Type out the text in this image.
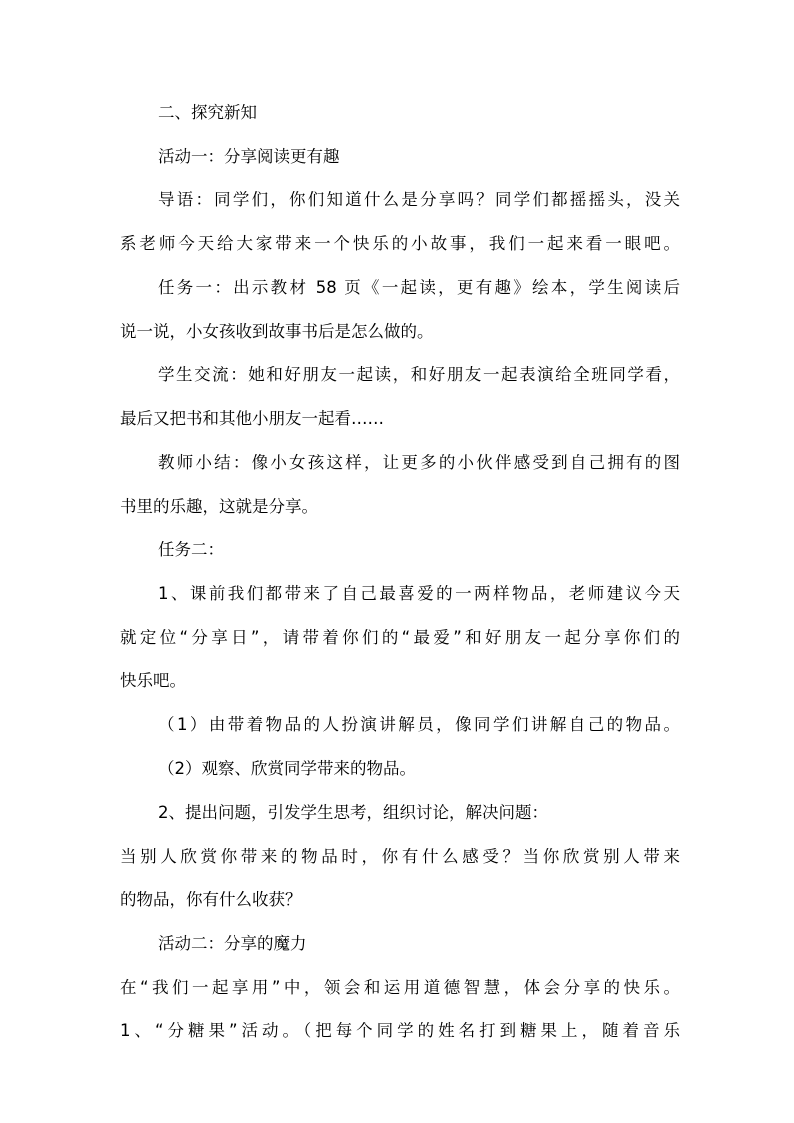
二、探究新知
活动一：分享阅读更有趣
导语：同学们，你们知道什么是分享吗？同学们都摇摇头，没关
系老师今天给大家带来一个快乐的小故事，我们一起来看一眼吧。
任务一：出示教材 58 页《一起读，更有趣》绘本，学生阅读后
说一说，小女孩收到故事书后是怎么做的。
学生交流：她和好朋友一起读，和好朋友一起表演给全班同学看，
最后又把书和其他小朋友一起看……
教师小结：像小女孩这样，让更多的小伙伴感受到自己拥有的图
书里的乐趣，这就是分享。
任务二：
1、课前我们都带来了自己最喜爱的一两样物品，老师建议今天
就定位“分享日”，请带着你们的“最爱”和好朋友一起分享你们的
快乐吧。
（1）由带着物品的人扮演讲解员，像同学们讲解自己的物品。
（2）观察、欣赏同学带来的物品。
2、提出问题，引发学生思考，组织讨论，解决问题：
当别人欣赏你带来的物品时，你有什么感受？当你欣赏别人带来
的物品，你有什么收获？
活动二：分享的魔力
在“我们一起享用”中，领会和运用道德智慧，体会分享的快乐。
1、“分糖果”活动。（把每个同学的姓名打到糖果上，随着音乐
